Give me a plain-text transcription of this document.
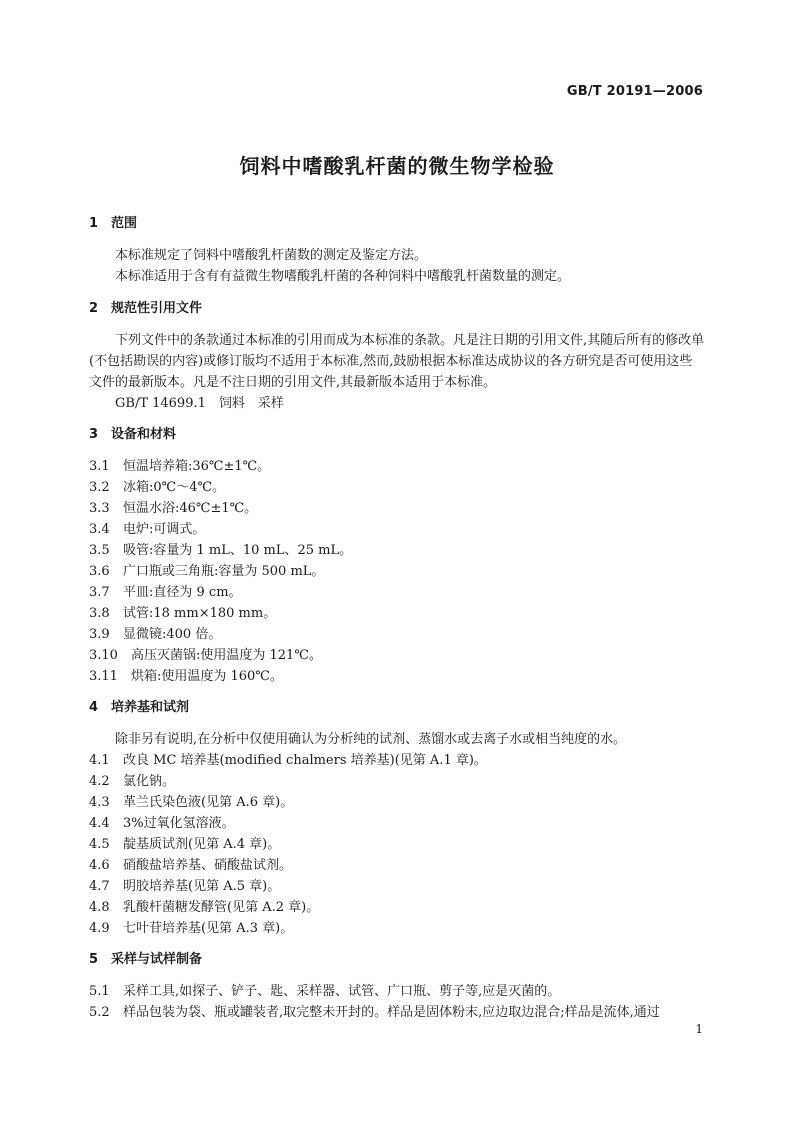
GB/T 20191—2006
饲料中嗜酸乳杆菌的微生物学检验
1 范围
本标准规定了饲料中嗜酸乳杆菌数的测定及鉴定方法。
本标准适用于含有有益微生物嗜酸乳杆菌的各种饲料中嗜酸乳杆菌数量的测定。
2 规范性引用文件
下列文件中的条款通过本标准的引用而成为本标准的条款。凡是注日期的引用文件,其随后所有的修改单(不包括勘误的内容)或修订版均不适用于本标准,然而,鼓励根据本标准达成协议的各方研究是否可使用这些文件的最新版本。凡是不注日期的引用文件,其最新版本适用于本标准。
GB/T 14699.1　饲料　采样
3 设备和材料
3.1 恒温培养箱:36℃±1℃。
3.2 冰箱:0℃～4℃。
3.3 恒温水浴:46℃±1℃。
3.4 电炉:可调式。
3.5 吸管:容量为 1 mL、10 mL、25 mL。
3.6 广口瓶或三角瓶:容量为 500 mL。
3.7 平皿:直径为 9 cm。
3.8 试管:18 mm×180 mm。
3.9 显微镜:400 倍。
3.10 高压灭菌锅:使用温度为 121℃。
3.11 烘箱:使用温度为 160℃。
4 培养基和试剂
除非另有说明,在分析中仅使用确认为分析纯的试剂、蒸馏水或去离子水或相当纯度的水。
4.1 改良 MC 培养基(modified chalmers 培养基)(见第 A.1 章)。
4.2 氯化钠。
4.3 革兰氏染色液(见第 A.6 章)。
4.4 3%过氧化氢溶液。
4.5 靛基质试剂(见第 A.4 章)。
4.6 硝酸盐培养基、硝酸盐试剂。
4.7 明胶培养基(见第 A.5 章)。
4.8 乳酸杆菌糖发酵管(见第 A.2 章)。
4.9 七叶苷培养基(见第 A.3 章)。
5 采样与试样制备
5.1 采样工具,如探子、铲子、匙、采样器、试管、广口瓶、剪子等,应是灭菌的。
5.2 样品包装为袋、瓶或罐装者,取完整未开封的。样品是固体粉末,应边取边混合;样品是流体,通过
1
